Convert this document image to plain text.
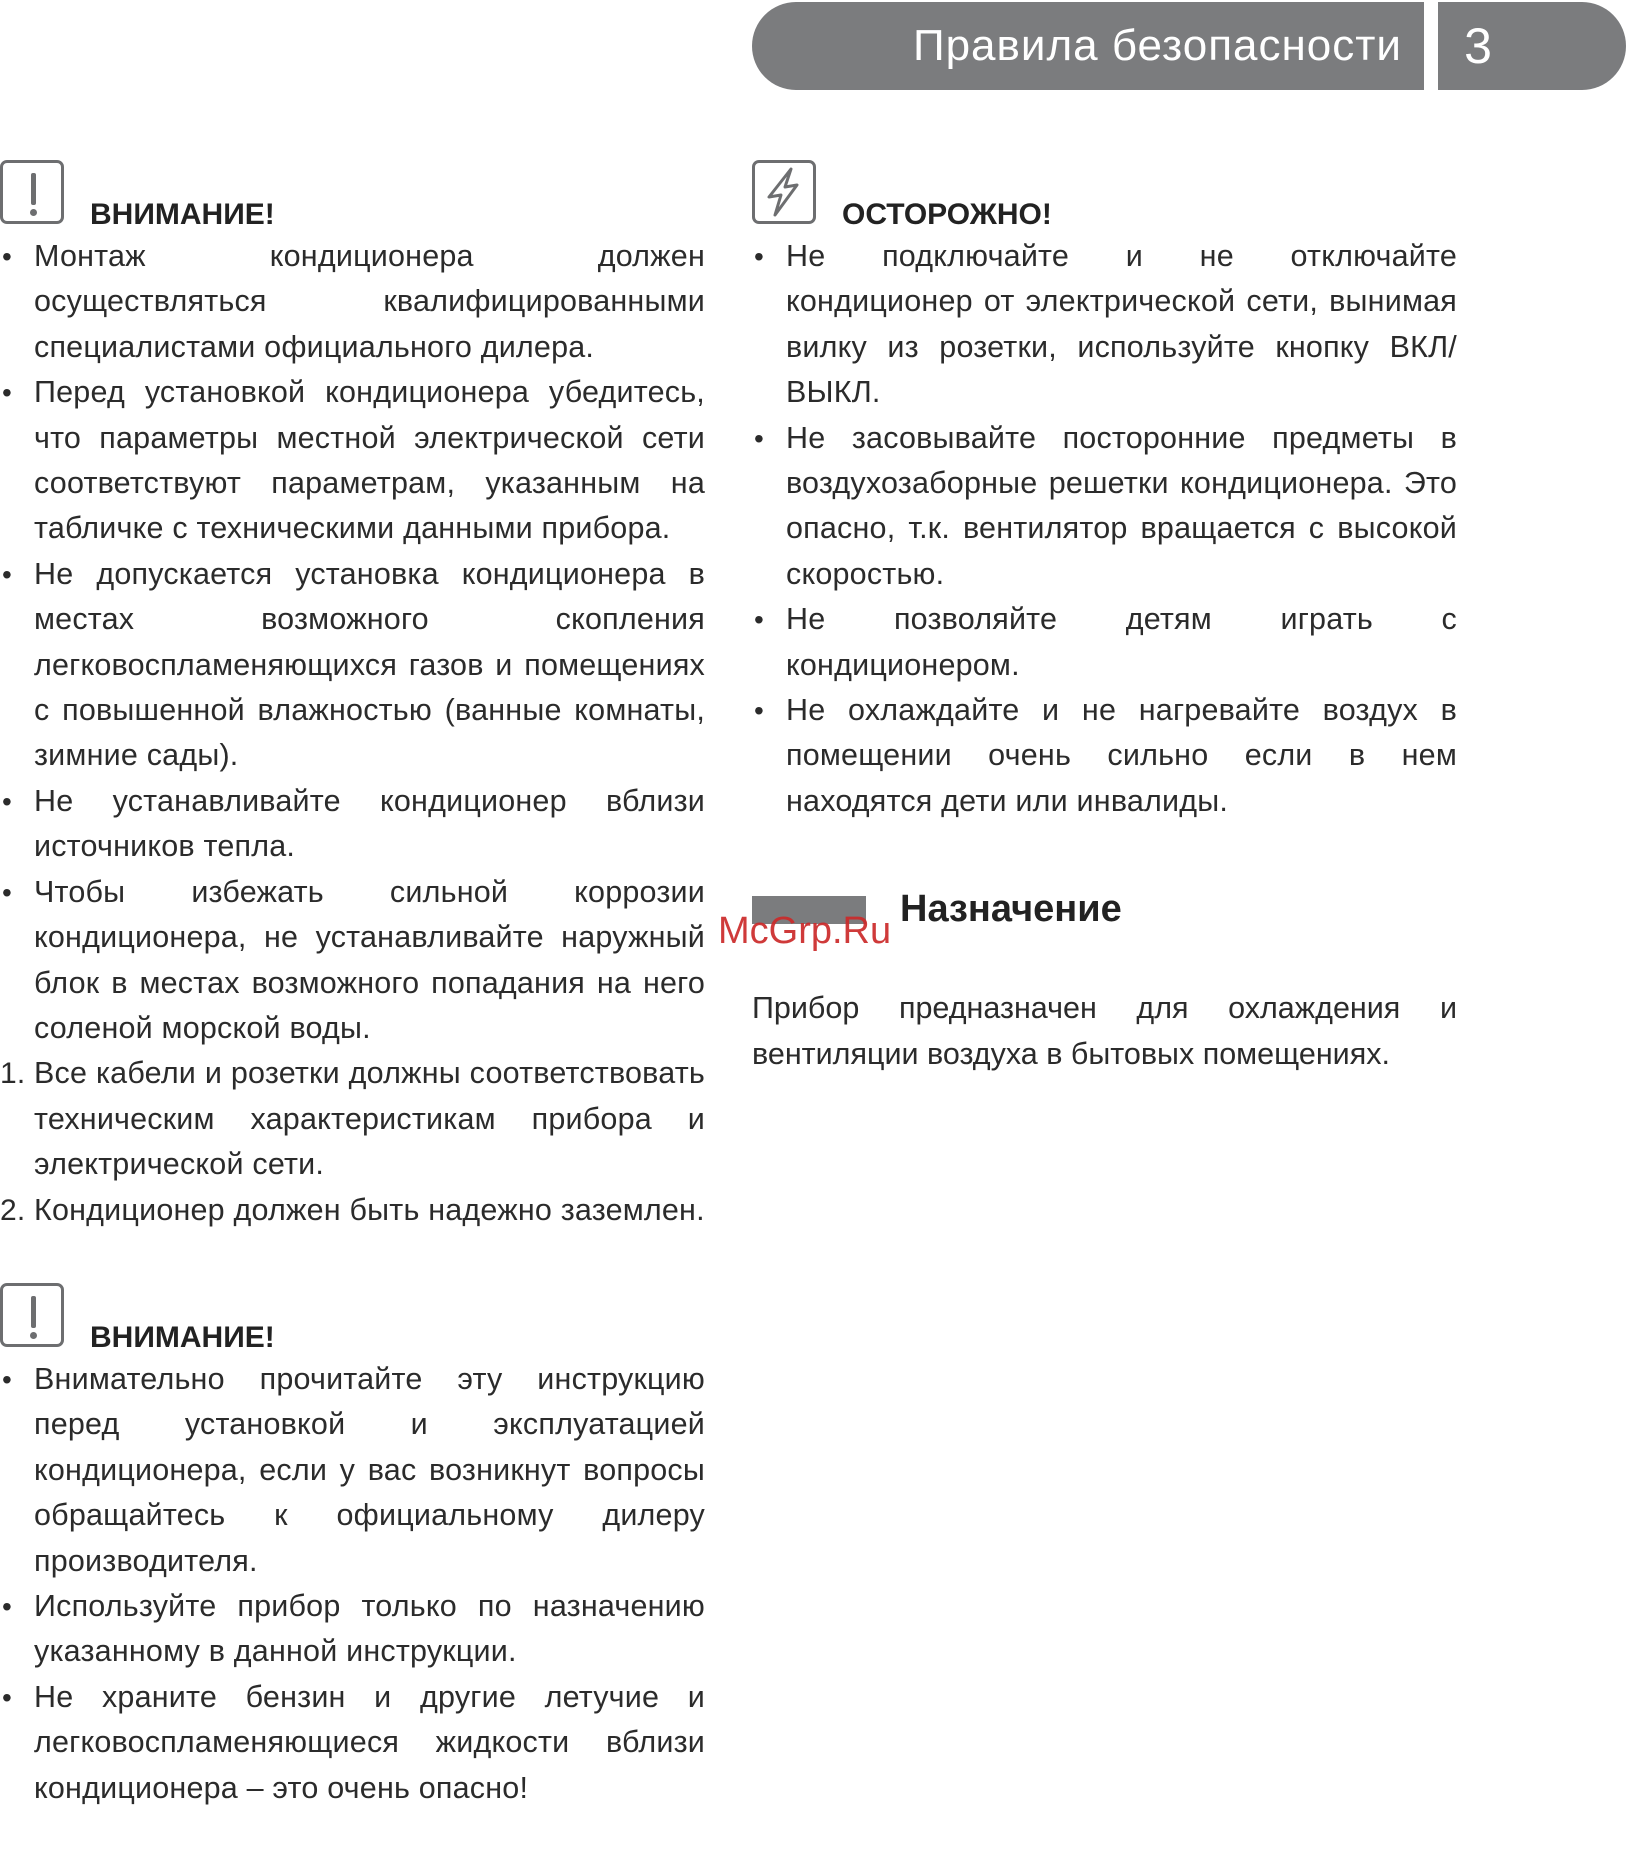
Правила безопасности	3
ВНИМАНИЕ!
• Монтаж кондиционера должен осуществляться квалифицированными специалистами официального дилера.
• Перед установкой кондиционера убедитесь, что параметры местной электрической сети соответствуют параметрам, указанным на табличке с техническими данными прибора.
• Не допускается установка кондиционера в местах возможного скопления легковоспламеняющихся газов и помещениях с повышенной влажностью (ванные комнаты, зимние сады).
• Не устанавливайте кондиционер вблизи источников тепла.
• Чтобы избежать сильной коррозии кондиционера, не устанавливайте наружный блок в местах возможного попадания на него соленой морской воды.
1. Все кабели и розетки должны соответствовать техническим характеристикам прибора и электрической сети.
2. Кондиционер должен быть надежно заземлен.
ВНИМАНИЕ!
• Внимательно прочитайте эту инструкцию перед установкой и эксплуатацией кондиционера, если у вас возникнут вопросы обращайтесь к официальному дилеру производителя.
• Используйте прибор только по назначению указанному в данной инструкции.
• Не храните бензин и другие летучие и легковоспламеняющиеся жидкости вблизи кондиционера – это очень опасно!
ОСТОРОЖНО!
• Не подключайте и не отключайте кондиционер от электрической сети, вынимая вилку из розетки, используйте кнопку ВКЛ/ВЫКЛ.
• Не засовывайте посторонние предметы в воздухозаборные решетки кондиционера. Это опасно, т.к. вентилятор вращается с высокой скоростью.
• Не позволяйте детям играть с кондиционером.
• Не охлаждайте и не нагревайте воздух в помещении очень сильно если в нем находятся дети или инвалиды.
Назначение
Прибор предназначен для охлаждения и вентиляции воздуха в бытовых помещениях.
McGrp.Ru
